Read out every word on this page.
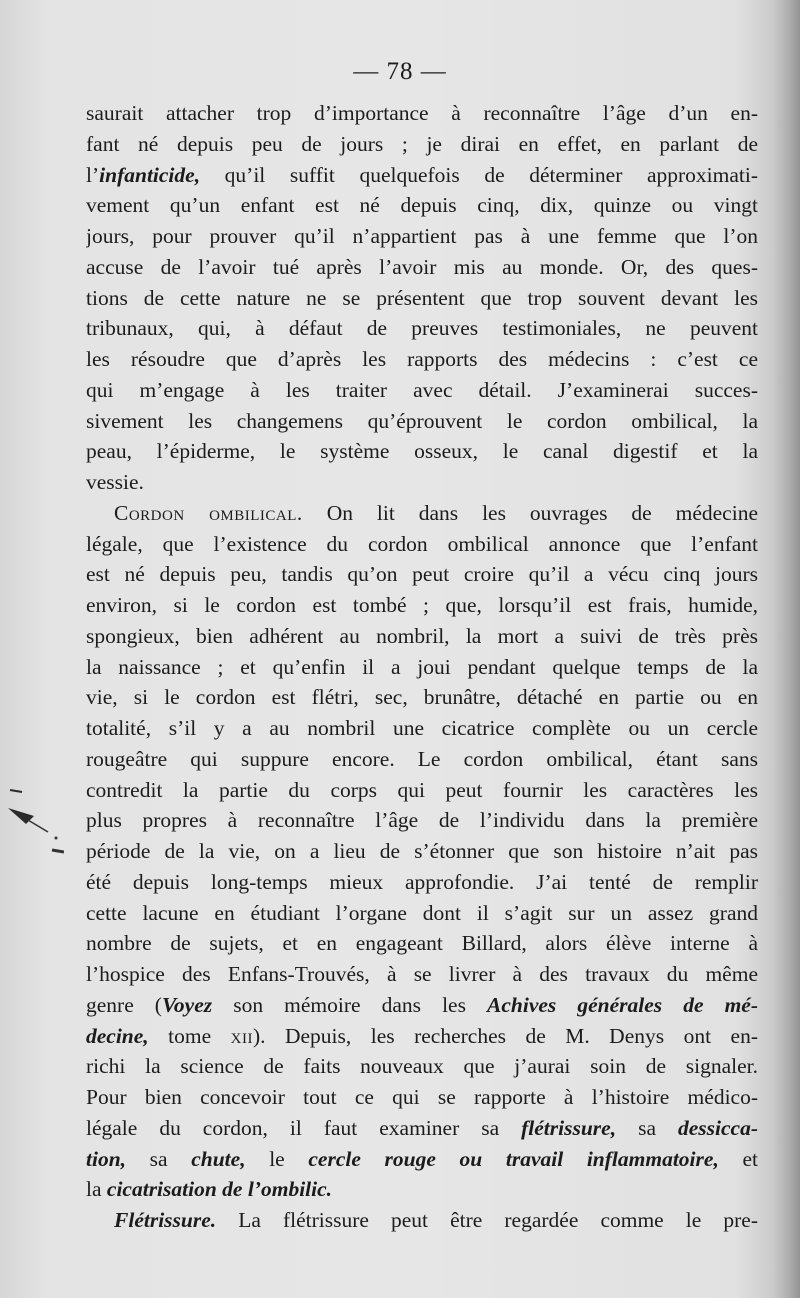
— 78 —
saurait attacher trop d’importance à reconnaître l’âge d’un en-
fant né depuis peu de jours ; je dirai en effet, en parlant de
l’infanticide, qu’il suffit quelquefois de déterminer approximati-
vement qu’un enfant est né depuis cinq, dix, quinze ou vingt
jours, pour prouver qu’il n’appartient pas à une femme que l’on
accuse de l’avoir tué après l’avoir mis au monde. Or, des ques-
tions de cette nature ne se présentent que trop souvent devant les
tribunaux, qui, à défaut de preuves testimoniales, ne peuvent
les résoudre que d’après les rapports des médecins : c’est ce
qui m’engage à les traiter avec détail. J’examinerai succes-
sivement les changemens qu’éprouvent le cordon ombilical, la
peau, l’épiderme, le système osseux, le canal digestif et la
vessie.
Cordon ombilical. On lit dans les ouvrages de médecine
légale, que l’existence du cordon ombilical annonce que l’enfant
est né depuis peu, tandis qu’on peut croire qu’il a vécu cinq jours
environ, si le cordon est tombé ; que, lorsqu’il est frais, humide,
spongieux, bien adhérent au nombril, la mort a suivi de très près
la naissance ; et qu’enfin il a joui pendant quelque temps de la
vie, si le cordon est flétri, sec, brunâtre, détaché en partie ou en
totalité, s’il y a au nombril une cicatrice complète ou un cercle
rougeâtre qui suppure encore. Le cordon ombilical, étant sans
contredit la partie du corps qui peut fournir les caractères les
plus propres à reconnaître l’âge de l’individu dans la première
période de la vie, on a lieu de s’étonner que son histoire n’ait pas
été depuis long-temps mieux approfondie. J’ai tenté de remplir
cette lacune en étudiant l’organe dont il s’agit sur un assez grand
nombre de sujets, et en engageant Billard, alors élève interne à
l’hospice des Enfans-Trouvés, à se livrer à des travaux du même
genre (Voyez son mémoire dans les Achives générales de mé-
decine, tome xii). Depuis, les recherches de M. Denys ont en-
richi la science de faits nouveaux que j’aurai soin de signaler.
Pour bien concevoir tout ce qui se rapporte à l’histoire médico-
légale du cordon, il faut examiner sa flétrissure, sa dessicca-
tion, sa chute, le cercle rouge ou travail inflammatoire, et
la cicatrisation de l’ombilic.
Flétrissure. La flétrissure peut être regardée comme le pre-
